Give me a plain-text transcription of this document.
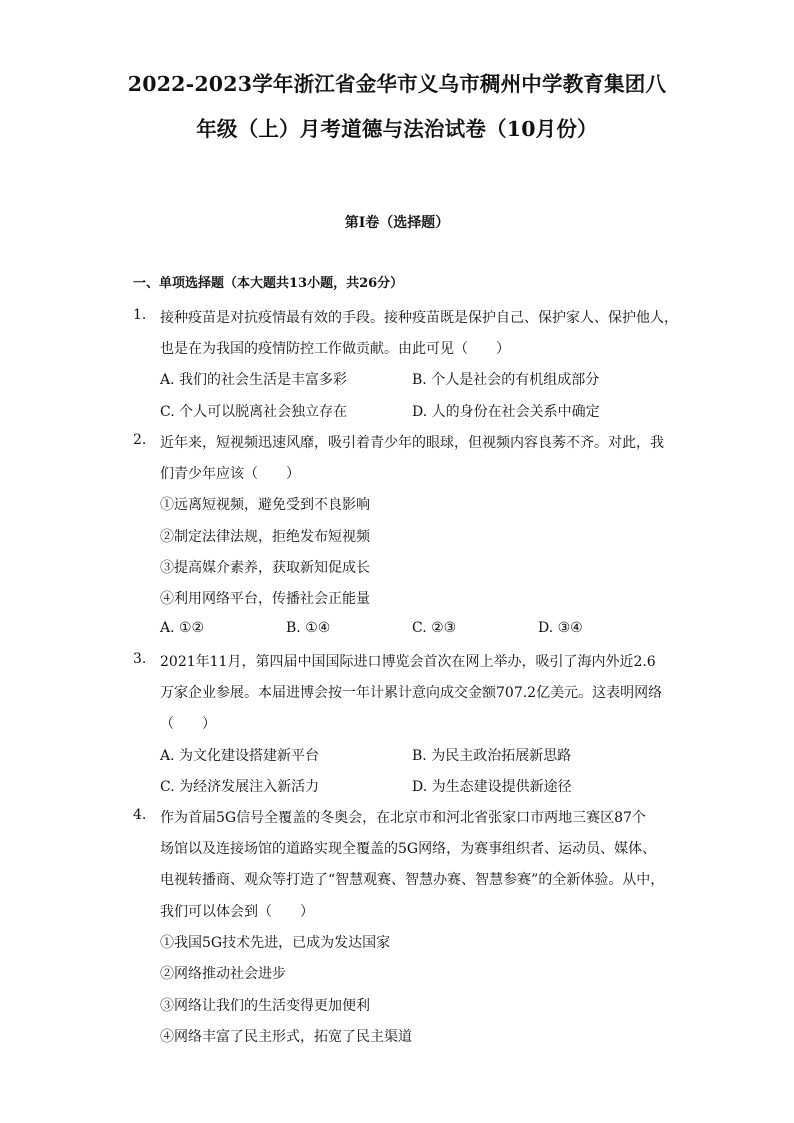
2022-2023学年浙江省金华市义乌市稠州中学教育集团八
年级（上）月考道德与法治试卷（10月份）
第I卷（选择题）
一、单项选择题（本大题共13小题，共26分）
1. 接种疫苗是对抗疫情最有效的手段。接种疫苗既是保护自己、保护家人、保护他人，
也是在为我国的疫情防控工作做贡献。由此可见（　　）
A. 我们的社会生活是丰富多彩	B. 个人是社会的有机组成部分
C. 个人可以脱离社会独立存在	D. 人的身份在社会关系中确定
2. 近年来，短视频迅速风靡，吸引着青少年的眼球，但视频内容良莠不齐。对此，我
们青少年应该（　　）
①远离短视频，避免受到不良影响
②制定法律法规，拒绝发布短视频
③提高媒介素养，获取新知促成长
④利用网络平台，传播社会正能量
A. ①②	B. ①④	C. ②③	D. ③④
3. 2021年11月，第四届中国国际进口博览会首次在网上举办，吸引了海内外近2.6
万家企业参展。本届进博会按一年计累计意向成交金额707.2亿美元。这表明网络
（　　）
A. 为文化建设搭建新平台	B. 为民主政治拓展新思路
C. 为经济发展注入新活力	D. 为生态建设提供新途径
4. 作为首届5G信号全覆盖的冬奥会，在北京市和河北省张家口市两地三赛区87个
场馆以及连接场馆的道路实现全覆盖的5G网络，为赛事组织者、运动员、媒体、
电视转播商、观众等打造了“智慧观赛、智慧办赛、智慧参赛”的全新体验。从中，
我们可以体会到（　　）
①我国5G技术先进，已成为发达国家
②网络推动社会进步
③网络让我们的生活变得更加便利
④网络丰富了民主形式，拓宽了民主渠道
